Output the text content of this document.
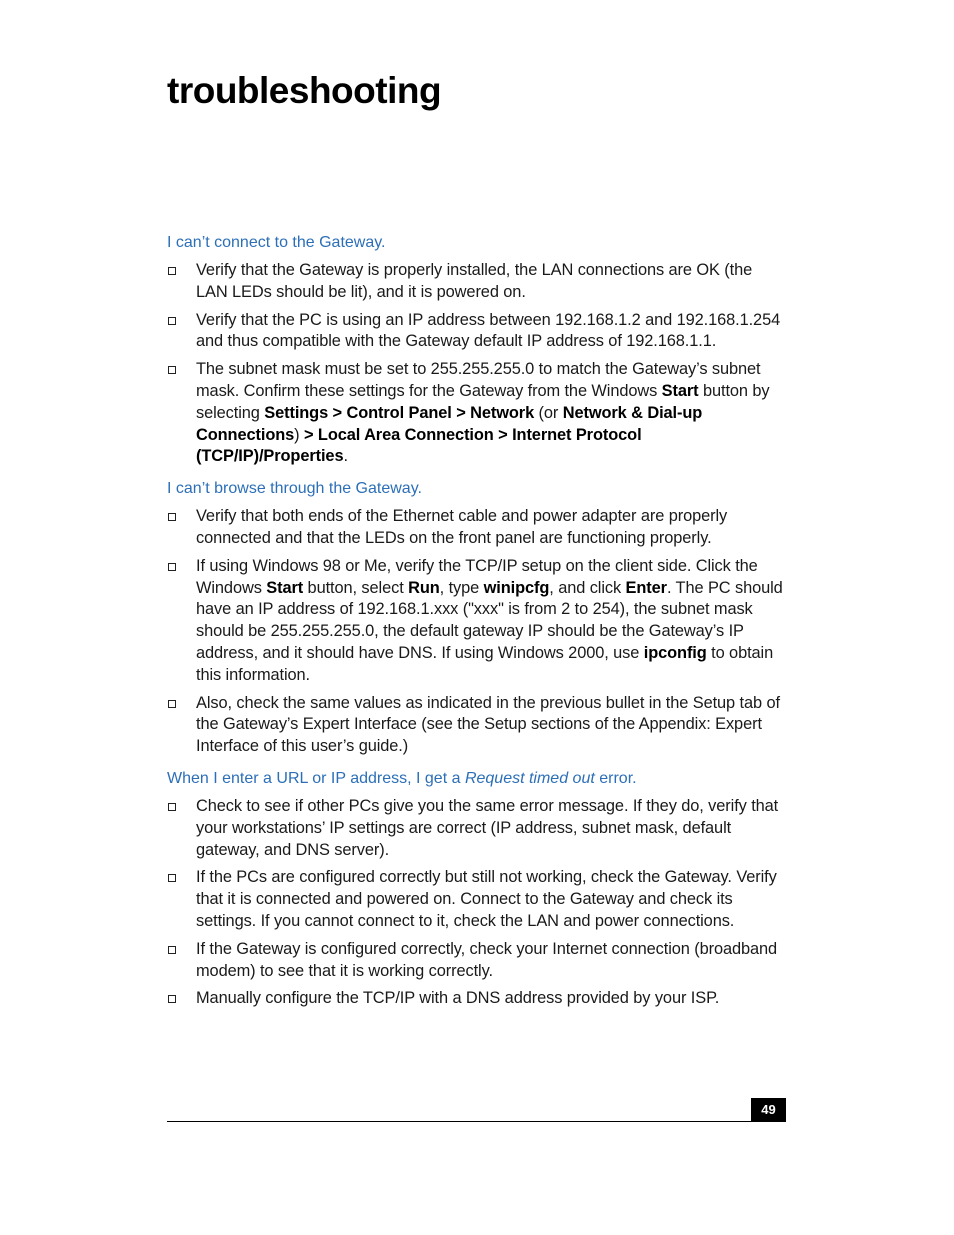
troubleshooting
I can’t connect to the Gateway.
Verify that the Gateway is properly installed, the LAN connections are OK (the LAN LEDs should be lit), and it is powered on.
Verify that the PC is using an IP address between 192.168.1.2 and 192.168.1.254 and thus compatible with the Gateway default IP address of 192.168.1.1.
The subnet mask must be set to 255.255.255.0 to match the Gateway’s subnet mask. Confirm these settings for the Gateway from the Windows Start button by selecting Settings > Control Panel > Network (or Network & Dial-up Connections) > Local Area Connection > Internet Protocol (TCP/IP)/Properties.
I can’t browse through the Gateway.
Verify that both ends of the Ethernet cable and power adapter are properly connected and that the LEDs on the front panel are functioning properly.
If using Windows 98 or Me, verify the TCP/IP setup on the client side. Click the Windows Start button, select Run, type winipcfg, and click Enter. The PC should have an IP address of 192.168.1.xxx ("xxx" is from 2 to 254), the subnet mask should be 255.255.255.0, the default gateway IP should be the Gateway’s IP address, and it should have DNS. If using Windows 2000, use ipconfig to obtain this information.
Also, check the same values as indicated in the previous bullet in the Setup tab of the Gateway’s Expert Interface (see the Setup sections of the Appendix: Expert Interface of this user’s guide.)
When I enter a URL or IP address, I get a Request timed out error.
Check to see if other PCs give you the same error message. If they do, verify that your workstations’ IP settings are correct (IP address, subnet mask, default gateway, and DNS server).
If the PCs are configured correctly but still not working, check the Gateway. Verify that it is connected and powered on. Connect to the Gateway and check its settings. If you cannot connect to it, check the LAN and power connections.
If the Gateway is configured correctly, check your Internet connection (broadband modem) to see that it is working correctly.
Manually configure the TCP/IP with a DNS address provided by your ISP.
49
